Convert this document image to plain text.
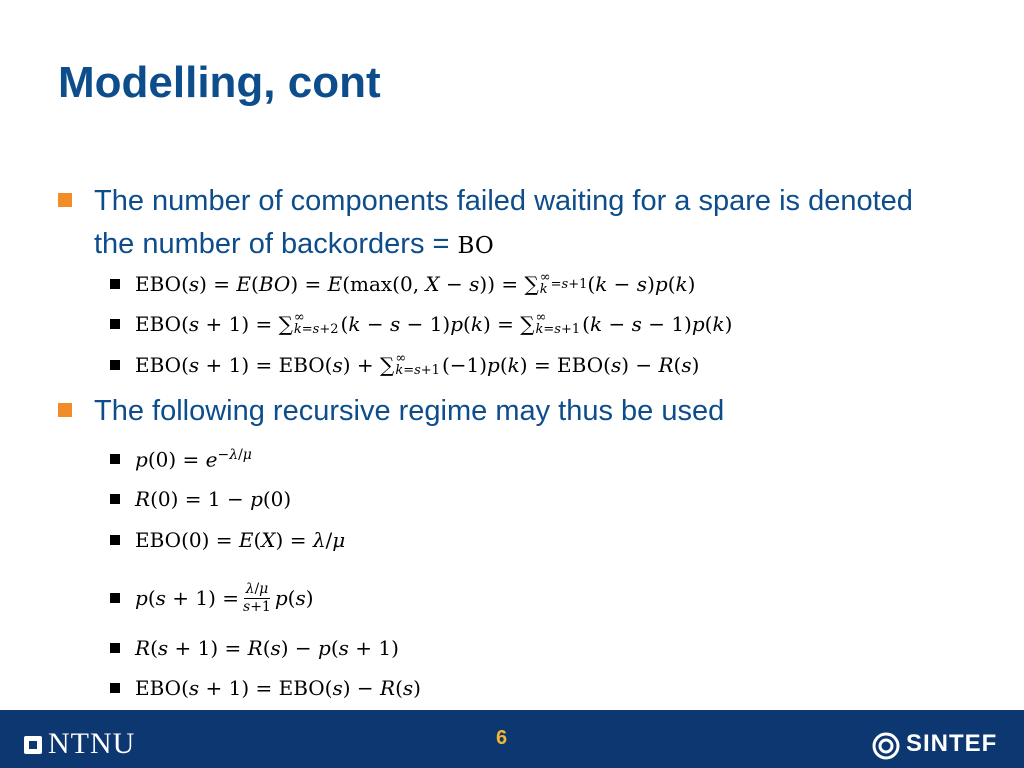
Modelling, cont
The number of components failed waiting for a spare is denoted the number of backorders = BO
EBO(s) = E(BO) = E(max(0, X − s)) = ∑ ∞
k =s+1 (k − s)p(k)
EBO(s + 1) = ∑ ∞
k=s+2 (k − s − 1)p(k) = ∑ ∞
k=s+1 (k − s − 1)p(k)
EBO(s + 1) = EBO(s) + ∑ ∞
k=s+1 (−1)p(k) = EBO(s) − R(s)
The following recursive regime may thus be used
$p(0) = e^{-\lambda/\mu}$
R(0) = 1 − p(0)
EBO(0) = E(X) = λ/μ
$p(s + 1) = \frac{\lambda/\mu}{s+1} p(s)$
R(s + 1) = R(s) − p(s + 1)
EBO(s + 1) = EBO(s) − R(s)
NTNU	6	SINTEF
